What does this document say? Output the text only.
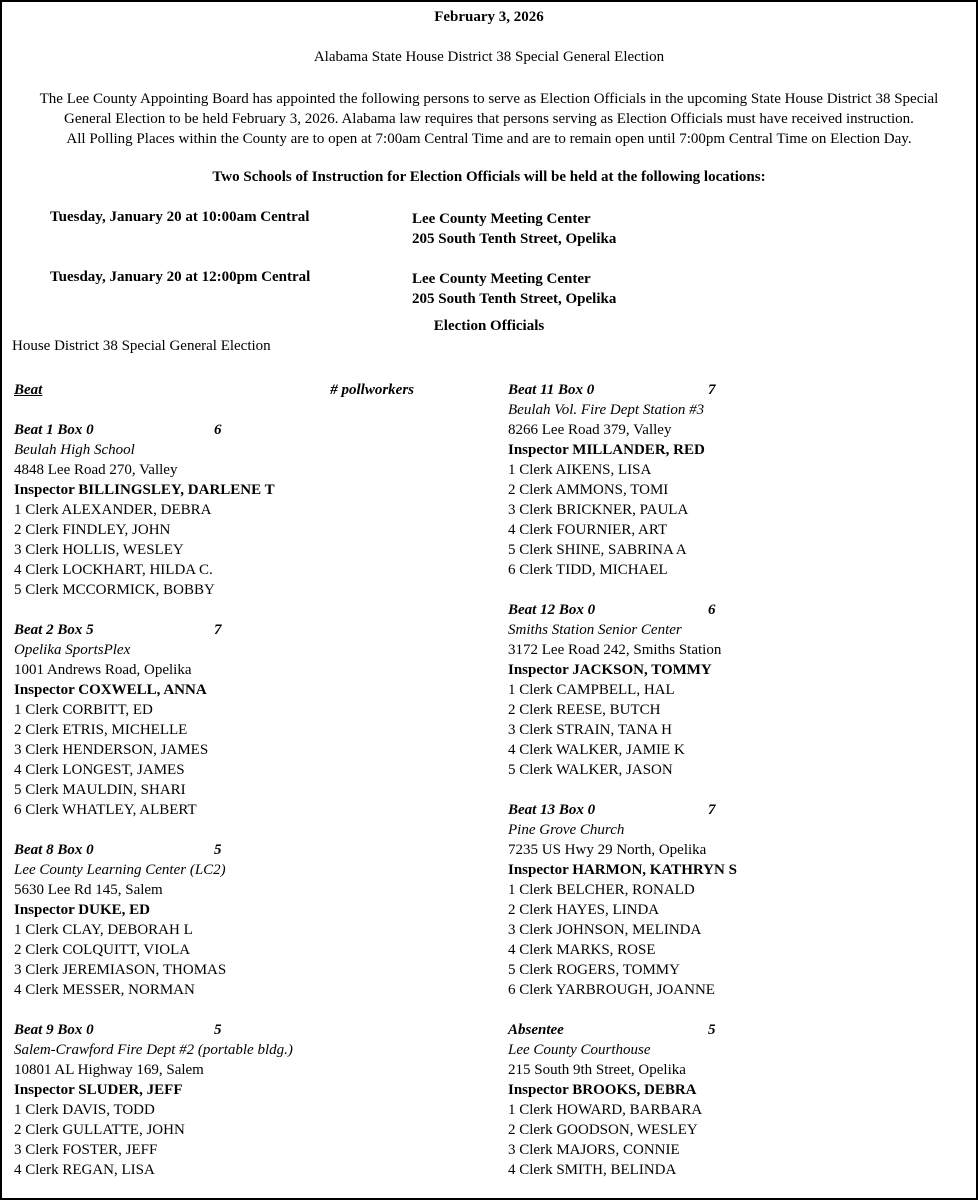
February 3, 2026
Alabama State House District 38 Special General Election
The Lee County Appointing Board has appointed the following persons to serve as Election Officials in the upcoming State House District 38 Special
General Election to be held February 3, 2026. Alabama law requires that persons serving as Election Officials must have received instruction.
All Polling Places within the County are to open at 7:00am Central Time and are to remain open until 7:00pm Central Time on Election Day.
Two Schools of Instruction for Election Officials will be held at the following locations:
Tuesday, January 20 at 10:00am Central	Lee County Meeting Center
205 South Tenth Street, Opelika
Tuesday, January 20 at 12:00pm Central	Lee County Meeting Center
205 South Tenth Street, Opelika
Election Officials
House District 38 Special General Election
Beat	# pollworkers
Beat 1 Box 0	6
Beulah High School
4848 Lee Road 270, Valley
Inspector BILLINGSLEY, DARLENE T
1 Clerk ALEXANDER, DEBRA
2 Clerk FINDLEY, JOHN
3 Clerk HOLLIS, WESLEY
4 Clerk LOCKHART, HILDA C.
5 Clerk MCCORMICK, BOBBY
Beat 2 Box 5	7
Opelika SportsPlex
1001 Andrews Road, Opelika
Inspector COXWELL, ANNA
1 Clerk CORBITT, ED
2 Clerk ETRIS, MICHELLE
3 Clerk HENDERSON, JAMES
4 Clerk LONGEST, JAMES
5 Clerk MAULDIN, SHARI
6 Clerk WHATLEY, ALBERT
Beat 8 Box 0	5
Lee County Learning Center (LC2)
5630 Lee Rd 145, Salem
Inspector DUKE, ED
1 Clerk CLAY, DEBORAH L
2 Clerk COLQUITT, VIOLA
3 Clerk JEREMIASON, THOMAS
4 Clerk MESSER, NORMAN
Beat 9 Box 0	5
Salem-Crawford Fire Dept #2 (portable bldg.)
10801 AL Highway 169, Salem
Inspector SLUDER, JEFF
1 Clerk DAVIS, TODD
2 Clerk GULLATTE, JOHN
3 Clerk FOSTER, JEFF
4 Clerk REGAN, LISA
Beat 11 Box 0	7
Beulah Vol. Fire Dept Station #3
8266 Lee Road 379, Valley
Inspector MILLANDER, RED
1 Clerk AIKENS, LISA
2 Clerk AMMONS, TOMI
3 Clerk BRICKNER, PAULA
4 Clerk FOURNIER, ART
5 Clerk SHINE, SABRINA A
6 Clerk TIDD, MICHAEL
Beat 12 Box 0	6
Smiths Station Senior Center
3172 Lee Road 242, Smiths Station
Inspector JACKSON, TOMMY
1 Clerk CAMPBELL, HAL
2 Clerk REESE, BUTCH
3 Clerk STRAIN, TANA H
4 Clerk WALKER, JAMIE K
5 Clerk WALKER, JASON
Beat 13 Box 0	7
Pine Grove Church
7235 US Hwy 29 North, Opelika
Inspector HARMON, KATHRYN S
1 Clerk BELCHER, RONALD
2 Clerk HAYES, LINDA
3 Clerk JOHNSON, MELINDA
4 Clerk MARKS, ROSE
5 Clerk ROGERS, TOMMY
6 Clerk YARBROUGH, JOANNE
Absentee	5
Lee County Courthouse
215 South 9th Street, Opelika
Inspector BROOKS, DEBRA
1 Clerk HOWARD, BARBARA
2 Clerk GOODSON, WESLEY
3 Clerk MAJORS, CONNIE
4 Clerk SMITH, BELINDA
